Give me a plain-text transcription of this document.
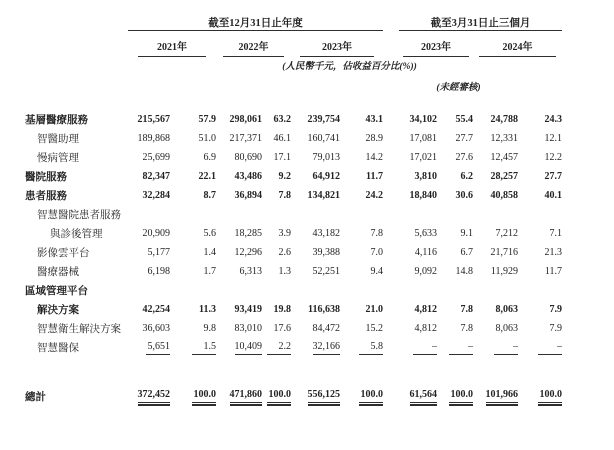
	截至12月31日止年度							截至3月31日止三個月			

	2021年		2022年		2023年			2023年		2024年	

				(人民幣千元，佔收益百分比(%))							
								(未經審核)			

基層醫療服務	215,567	57.9	298,061	63.2	239,754	43.1		34,102	55.4	24,788	24.3
智醫助理	189,868	51.0	217,371	46.1	160,741	28.9		17,081	27.7	12,331	12.1
慢病管理	25,699	6.9	80,690	17.1	79,013	14.2		17,021	27.6	12,457	12.2
醫院服務	82,347	22.1	43,486	9.2	64,912	11.7		3,810	6.2	28,257	27.7
患者服務	32,284	8.7	36,894	7.8	134,821	24.2		18,840	30.6	40,858	40.1
智慧醫院患者服務											
與診後管理	20,909	5.6	18,285	3.9	43,182	7.8		5,633	9.1	7,212	7.1
影像雲平台	5,177	1.4	12,296	2.6	39,388	7.0		4,116	6.7	21,716	21.3
醫療器械	6,198	1.7	6,313	1.3	52,251	9.4		9,092	14.8	11,929	11.7
區域管理平台											
解決方案	42,254	11.3	93,419	19.8	116,638	21.0		4,812	7.8	8,063	7.9
智慧衛生解決方案	36,603	9.8	83,010	17.6	84,472	15.2		4,812	7.8	8,063	7.9
智慧醫保	5,651	1.5	10,409	2.2	32,166	5.8		–	–	–	–

總計	372,452	100.0	471,860	100.0	556,125	100.0		61,564	100.0	101,966	100.0
